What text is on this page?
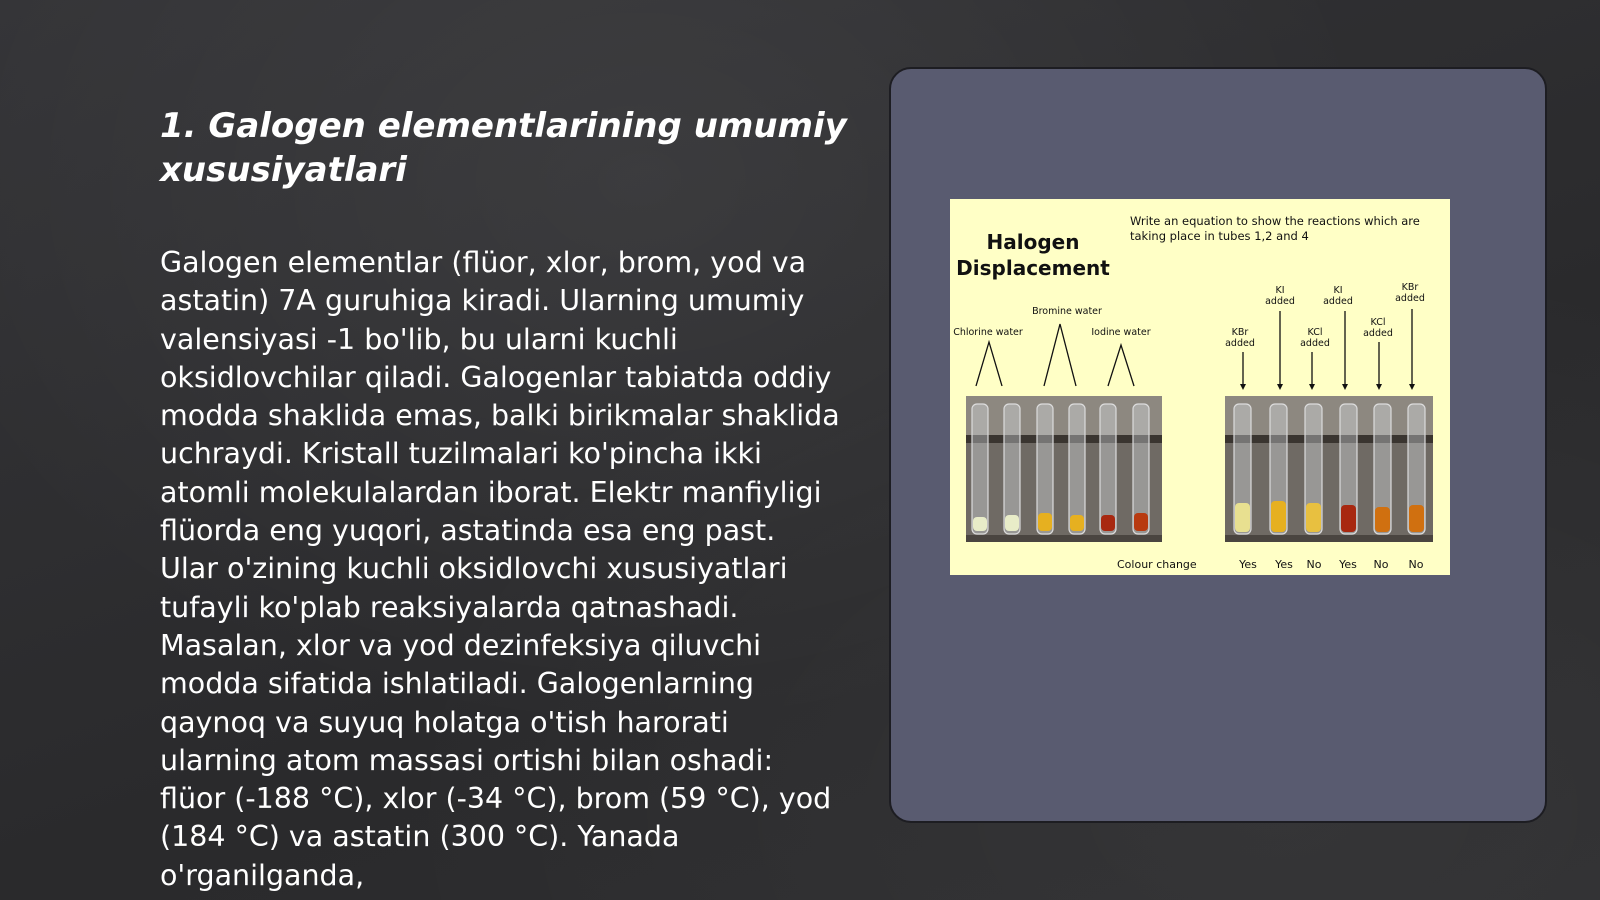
1. Galogen elementlarining umumiy xususiyatlari

Galogen elementlar (flüor, xlor, brom, yod va astatin) 7A guruhiga kiradi. Ularning umumiy valensiyasi -1 bo'lib, bu ularni kuchli oksidlovchilar qiladi. Galogenlar tabiatda oddiy modda shaklida emas, balki birikmalar shaklida uchraydi. Kristall tuzilmalari ko'pincha ikki atomli molekulalardan iborat. Elektr manfiyligi flüorda eng yuqori, astatinda esa eng past. Ular o'zining kuchli oksidlovchi xususiyatlari tufayli ko'plab reaksiyalarda qatnashadi. Masalan, xlor va yod dezinfeksiya qiluvchi modda sifatida ishlatiladi. Galogenlarning qaynoq va suyuq holatga o'tish harorati ularning atom massasi ortishi bilan oshadi: flüor (-188 °C), xlor (-34 °C), brom (59 °C), yod (184 °C) va astatin (300 °C). Yanada o'rganilganda,

Halogen
Displacement
Write an equation to show the reactions which are
taking place in tubes 1,2 and 4
Chlorine water
Bromine water
Iodine water	KBr
added
KI
added
KCl
added
KI
added
KCl
added
KBr
added
Colour change	Yes Yes No Yes No No
